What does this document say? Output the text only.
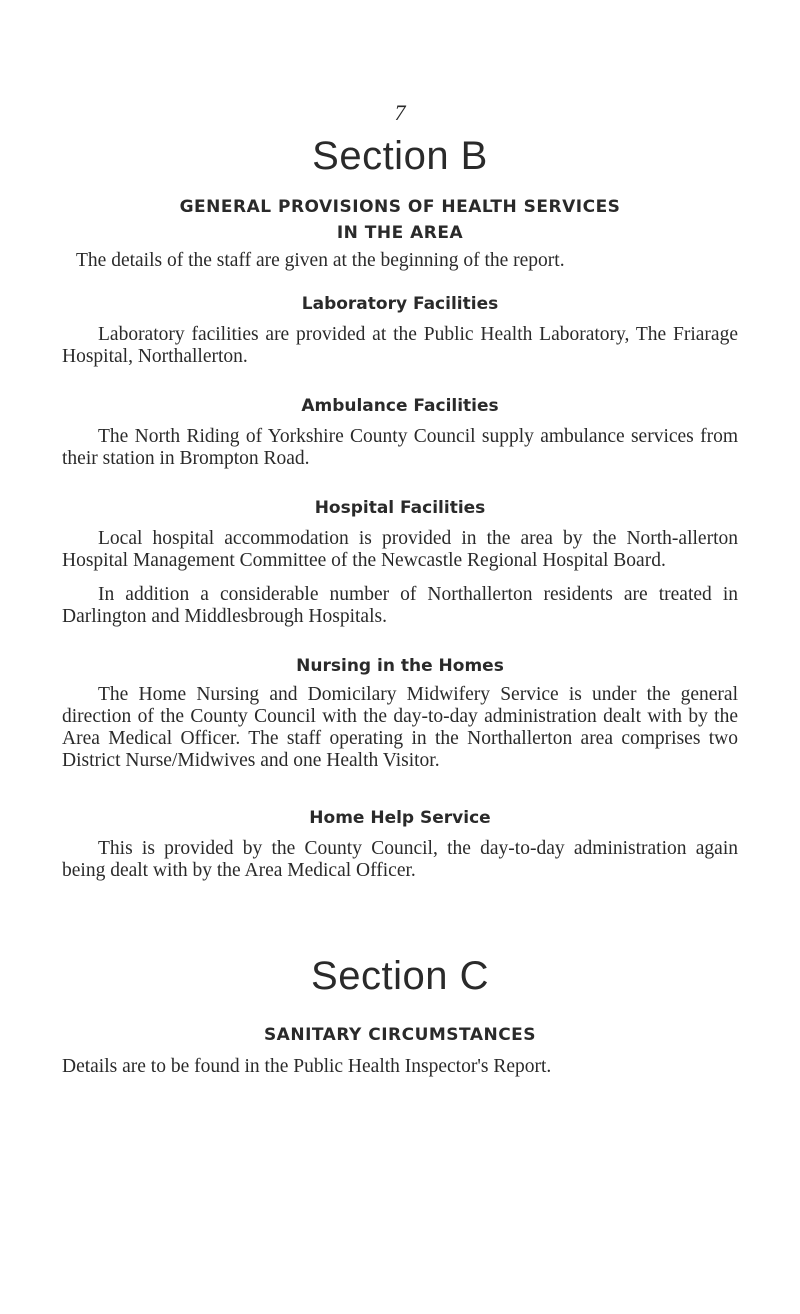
7
Section B
GENERAL PROVISIONS OF HEALTH SERVICES
IN THE AREA

The details of the staff are given at the beginning of the report.

Laboratory Facilities

Laboratory facilities are provided at the Public Health Laboratory, The Friarage Hospital, Northallerton.

Ambulance Facilities

The North Riding of Yorkshire County Council supply ambulance services from their station in Brompton Road.

Hospital Facilities

Local hospital accommodation is provided in the area by the North-allerton Hospital Management Committee of the Newcastle Regional Hospital Board.

In addition a considerable number of Northallerton residents are treated in Darlington and Middlesbrough Hospitals.

Nursing in the Homes

The Home Nursing and Domicilary Midwifery Service is under the general direction of the County Council with the day-to-day administration dealt with by the Area Medical Officer. The staff operating in the Northallerton area comprises two District Nurse/Midwives and one Health Visitor.

Home Help Service

This is provided by the County Council, the day-to-day administration again being dealt with by the Area Medical Officer.

Section C
SANITARY CIRCUMSTANCES

Details are to be found in the Public Health Inspector's Report.
